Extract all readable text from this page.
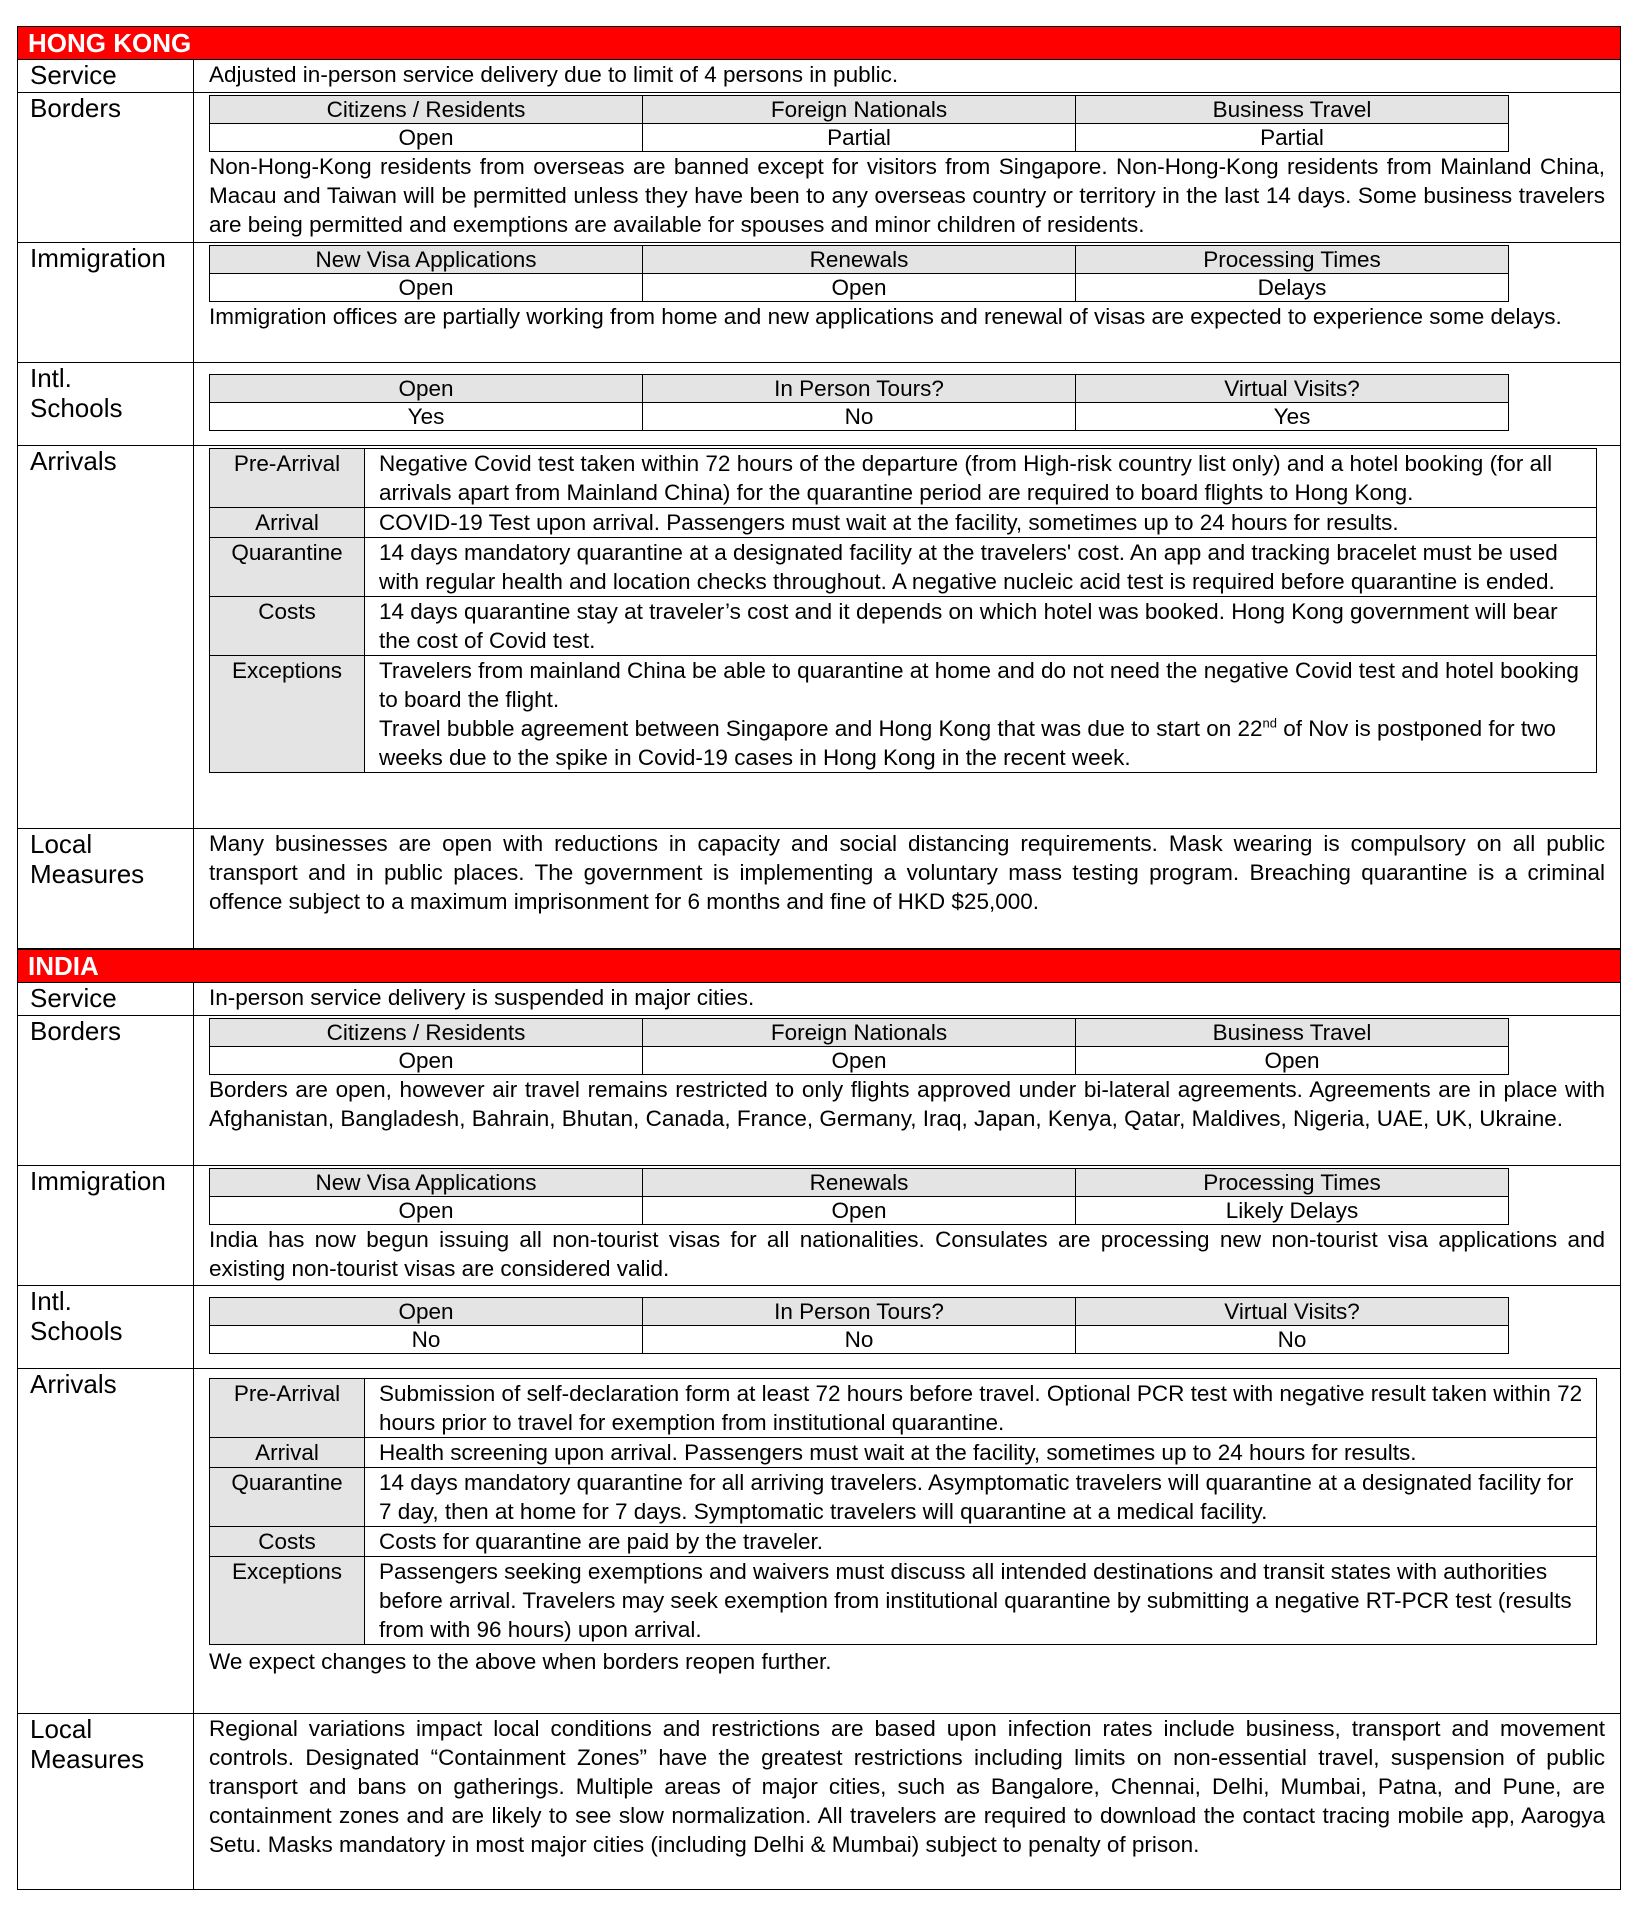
HONG KONG
Service	Adjusted in-person service delivery due to limit of 4 persons in public.

Borders		Citizens / Residents	Foreign Nationals	Business Travel
Open	Partial	Partial

Non-Hong-Kong residents from overseas are banned except for visitors from Singapore. Non-Hong-Kong residents from Mainland China, Macau and Taiwan will be permitted unless they have been to any overseas country or territory in the last 14 days. Some business travelers are being permitted and exemptions are available for spouses and minor children of residents.

Immigration		New Visa Applications	Renewals	Processing Times
Open	Open	Delays

Immigration offices are partially working from home and new applications and renewal of visas are expected to experience some delays.

Intl.
Schools

Open	In Person Tours?	Virtual Visits?
Yes	No	Yes

Arrivals		Pre-Arrival	Negative Covid test taken within 72 hours of the departure (from High-risk country list only) and a hotel booking (for all arrivals apart from Mainland China) for the quarantine period are required to board flights to Hong Kong.
Arrival	COVID-19 Test upon arrival. Passengers must wait at the facility, sometimes up to 24 hours for results.
Quarantine	14 days mandatory quarantine at a designated facility at the travelers' cost. An app and tracking bracelet must be used with regular health and location checks throughout. A negative nucleic acid test is required before quarantine is ended.
Costs	14 days quarantine stay at traveler’s cost and it depends on which hotel was booked. Hong Kong government will bear the cost of Covid test.
Exceptions	Travelers from mainland China be able to quarantine at home and do not need the negative Covid test and hotel booking to board the flight.
Travel bubble agreement between Singapore and Hong Kong that was due to start on 22nd of Nov is postponed for two weeks due to the spike in Covid-19 cases in Hong Kong in the recent week.

Local
Measures

Many businesses are open with reductions in capacity and social distancing requirements. Mask wearing is compulsory on all public transport and in public places. The government is implementing a voluntary mass testing program. Breaching quarantine is a criminal offence subject to a maximum imprisonment for 6 months and fine of HKD $25,000.

INDIA
Service	In-person service delivery is suspended in major cities.

Borders		Citizens / Residents	Foreign Nationals	Business Travel
Open	Open	Open

Borders are open, however air travel remains restricted to only flights approved under bi-lateral agreements. Agreements are in place with Afghanistan, Bangladesh, Bahrain, Bhutan, Canada, France, Germany, Iraq, Japan, Kenya, Qatar, Maldives, Nigeria, UAE, UK, Ukraine.

Immigration		New Visa Applications	Renewals	Processing Times
Open	Open	Likely Delays

India has now begun issuing all non-tourist visas for all nationalities. Consulates are processing new non-tourist visa applications and existing non-tourist visas are considered valid.

Intl.
Schools

Open	In Person Tours?	Virtual Visits?
No	No	No

Arrivals		Pre-Arrival	Submission of self-declaration form at least 72 hours before travel. Optional PCR test with negative result taken within 72 hours prior to travel for exemption from institutional quarantine.
Arrival	Health screening upon arrival. Passengers must wait at the facility, sometimes up to 24 hours for results.
Quarantine	14 days mandatory quarantine for all arriving travelers. Asymptomatic travelers will quarantine at a designated facility for 7 day, then at home for 7 days. Symptomatic travelers will quarantine at a medical facility.
Costs	Costs for quarantine are paid by the traveler.
Exceptions	Passengers seeking exemptions and waivers must discuss all intended destinations and transit states with authorities before arrival. Travelers may seek exemption from institutional quarantine by submitting a negative RT-PCR test (results from with 96 hours) upon arrival.

We expect changes to the above when borders reopen further.

Local
Measures

Regional variations impact local conditions and restrictions are based upon infection rates include business, transport and movement controls. Designated “Containment Zones” have the greatest restrictions including limits on non-essential travel, suspension of public transport and bans on gatherings. Multiple areas of major cities, such as Bangalore, Chennai, Delhi, Mumbai, Patna, and Pune, are containment zones and are likely to see slow normalization. All travelers are required to download the contact tracing mobile app, Aarogya Setu. Masks mandatory in most major cities (including Delhi & Mumbai) subject to penalty of prison.
